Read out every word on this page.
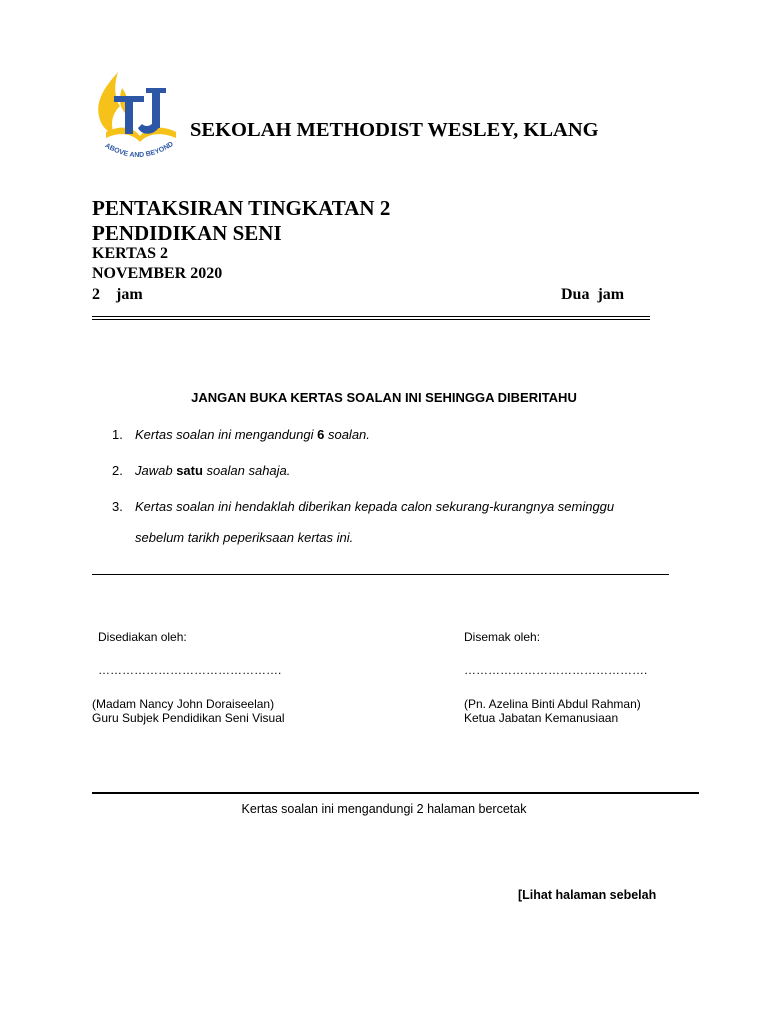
ABOVE AND BEYOND
SEKOLAH METHODIST WESLEY, KLANG
PENTAKSIRAN TINGKATAN 2
PENDIDIKAN SENI
KERTAS 2
NOVEMBER 2020
2 jam	Dua  jam
JANGAN BUKA KERTAS SOALAN INI SEHINGGA DIBERITAHU
1. Kertas soalan ini mengandungi 6 soalan.
2. Jawab satu soalan sahaja.
3. Kertas soalan ini hendaklah diberikan kepada calon sekurang-kurangnya seminggu
sebelum tarikh peperiksaan kertas ini.
Disediakan oleh:
……………………………………….
(Madam Nancy John Doraiseelan)
Guru Subjek Pendidikan Seni Visual
Disemak oleh:
……………………………………….
(Pn. Azelina Binti Abdul Rahman)
Ketua Jabatan Kemanusiaan
Kertas soalan ini mengandungi 2 halaman bercetak
[Lihat halaman sebelah
